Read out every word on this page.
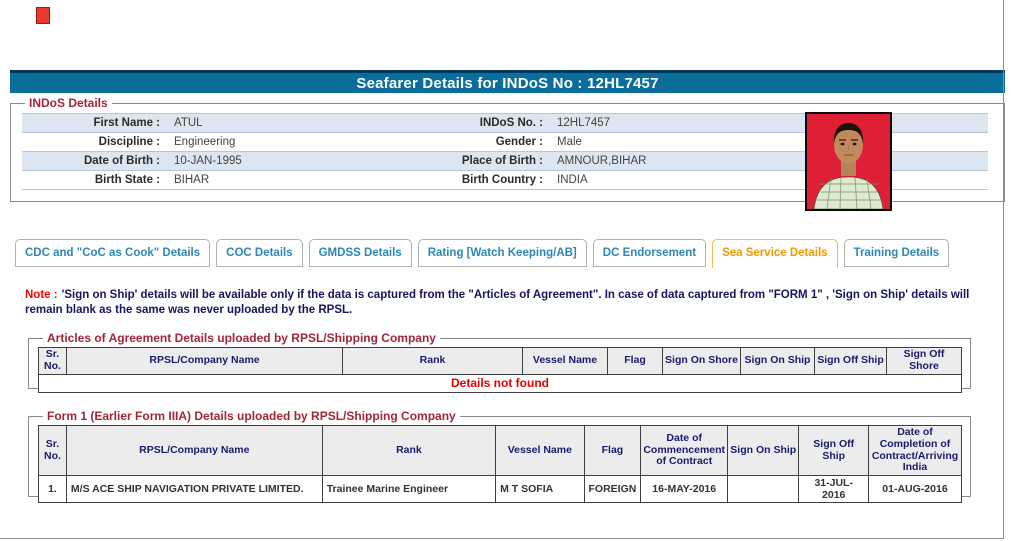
Seafarer Details for INDoS No : 12HL7457
INDoS Details
First Name :	ATUL	INDoS No. :	12HL7457
Discipline :	Engineering	Gender :	Male
Date of Birth :	10-JAN-1995	Place of Birth :	AMNOUR,BIHAR
Birth State :	BIHAR	Birth Country :	INDIA
CDC and "CoC as Cook" Details	COC Details	GMDSS Details	Rating [Watch Keeping/AB]	DC Endorsement	Sea Service Details	Training Details
Note : 'Sign on Ship' details will be available only if the data is captured from the "Articles of Agreement". In case of data captured from "FORM 1" , 'Sign on Ship' details will remain blank as the same was never uploaded by the RPSL.
Articles of Agreement Details uploaded by RPSL/Shipping Company
Sr. No.	RPSL/Company Name	Rank	Vessel Name	Flag	Sign On Shore	Sign On Ship	Sign Off Ship	Sign Off Shore
Details not found
Form 1 (Earlier Form IIIA) Details uploaded by RPSL/Shipping Company
Sr. No.	RPSL/Company Name	Rank	Vessel Name	Flag	Date of Commencement of Contract	Sign On Ship	Sign Off Ship	Date of Completion of Contract/Arriving India
1.	M/S ACE SHIP NAVIGATION PRIVATE LIMITED.	Trainee Marine Engineer	M T SOFIA	FOREIGN	16-MAY-2016		31-JUL-2016	01-AUG-2016
